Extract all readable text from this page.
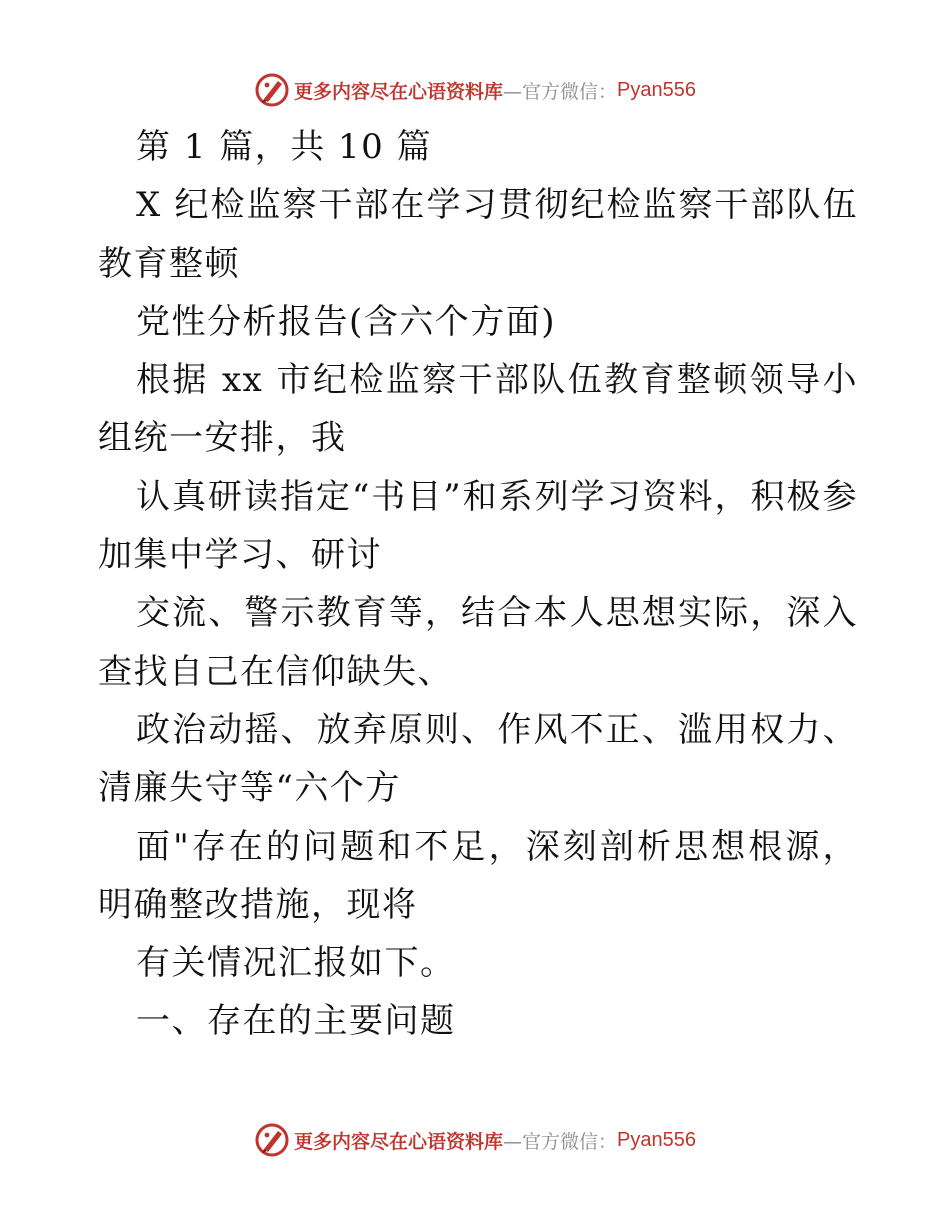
更多内容尽在心语资料库 —官方微信： Pyan556

第 1 篇，共 10 篇

X 纪检监察干部在学习贯彻纪检监察干部队伍教育整顿

党性分析报告(含六个方面)

根据 xx 市纪检监察干部队伍教育整顿领导小组统一安排，我

认真研读指定“书目”和系列学习资料，积极参加集中学习、研讨

交流、警示教育等，结合本人思想实际，深入查找自己在信仰缺失、

政治动摇、放弃原则、作风不正、滥用权力、清廉失守等“六个方

面"存在的问题和不足，深刻剖析思想根源，明确整改措施，现将

有关情况汇报如下。

一、存在的主要问题

更多内容尽在心语资料库 —官方微信： Pyan556
